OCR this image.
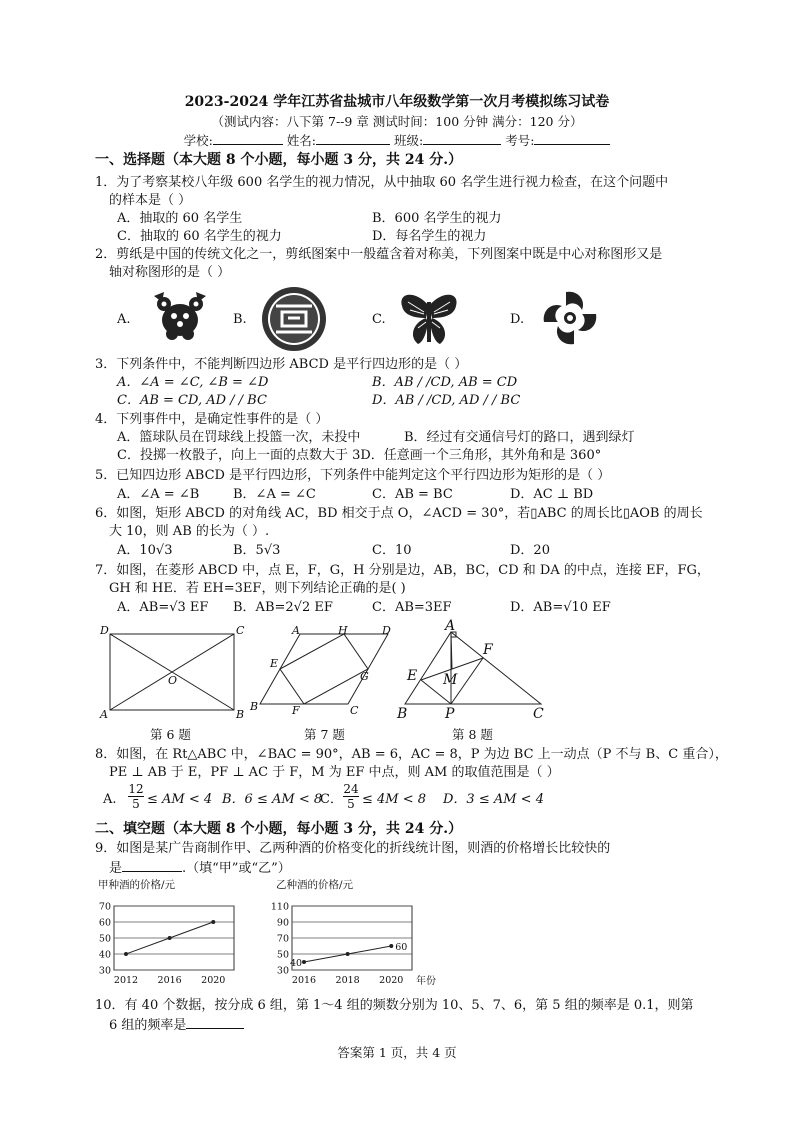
2023-2024 学年江苏省盐城市八年级数学第一次月考模拟练习试卷
（测试内容：八下第 7--9 章 测试时间：100 分钟 满分：120 分）
学校:	姓名:	班级:	考号:
一、选择题（本大题 8 个小题，每小题 3 分，共 24 分.）
1．为了考察某校八年级 600 名学生的视力情况，从中抽取 60 名学生进行视力检查，在这个问题中
的样本是（ ）
A．抽取的 60 名学生	B．600 名学生的视力
C．抽取的 60 名学生的视力	D．每名学生的视力
2．剪纸是中国的传统文化之一，剪纸图案中一般蕴含着对称美，下列图案中既是中心对称图形又是
轴对称图形的是（ ）
A.	B.	C.	D.
3．下列条件中，不能判断四边形 ABCD 是平行四边形的是（ ）
A．∠A = ∠C, ∠B = ∠D	B．AB / /CD, AB = CD
C．AB = CD, AD / / BC	D．AB / /CD, AD / / BC
4．下列事件中，是确定性事件的是（ ）
A．篮球队员在罚球线上投篮一次，未投中	B．经过有交通信号灯的路口，遇到绿灯
C．投掷一枚骰子，向上一面的点数大于 3D．任意画一个三角形，其外角和是 360°
5．已知四边形 ABCD 是平行四边形，下列条件中能判定这个平行四边形为矩形的是（ ）
A．∠A = ∠B	B．∠A = ∠C	C．AB = BC	D．AC ⊥ BD
6．如图，矩形 ABCD 的对角线 AC，BD 相交于点 O，∠ACD = 30°，若▯ABC 的周长比▯AOB 的周长
大 10，则 AB 的长为（ ）.
A．10√3	B．5√3	C．10	D．20
7．如图，在菱形 ABCD 中，点 E，F，G，H 分别是边，AB，BC，CD 和 DA 的中点，连接 EF，FG，
GH 和 HE．若 EH=3EF，则下列结论正确的是( )
A．AB=√3 EF B．AB=2√2 EF	C．AB=3EF	D．AB=√10 EF
D	C
A	B
O
第 6 题
A	H	D
E
G
B	F	C
第 7 题
A
F
E M
B	P	C
第 8 题
8．如图，在 Rt△ABC 中，∠BAC = 90°，AB = 6，AC = 8，P 为边 BC 上一动点（P 不与 B、C 重合），
PE ⊥ AB 于 E，PF ⊥ AC 于 F，M 为 EF 中点，则 AM 的取值范围是（ ）
A.
12
5 ≤ AM < 4 B．6 ≤ AM < 8
C．
24
5 ≤ 4M < 8 D．3 ≤ AM < 4
二、填空题（本大题 8 个小题，每小题 3 分，共 24 分.）
9．如图是某广告商制作甲、乙两种酒的价格变化的折线统计图，则酒的价格增长比较快的
是	.（填“甲”或“乙”）
甲种酒的价格/元
30
40
50
60
70
2012 2016 2020
乙种酒的价格/元
30
50
70
90
110
2016 2018 2020 年份
40
60
10．有 40 个数据，按分成 6 组，第 1～4 组的频数分别为 10、5、7、6，第 5 组的频率是 0.1，则第
6 组的频率是
答案第 1 页，共 4 页
